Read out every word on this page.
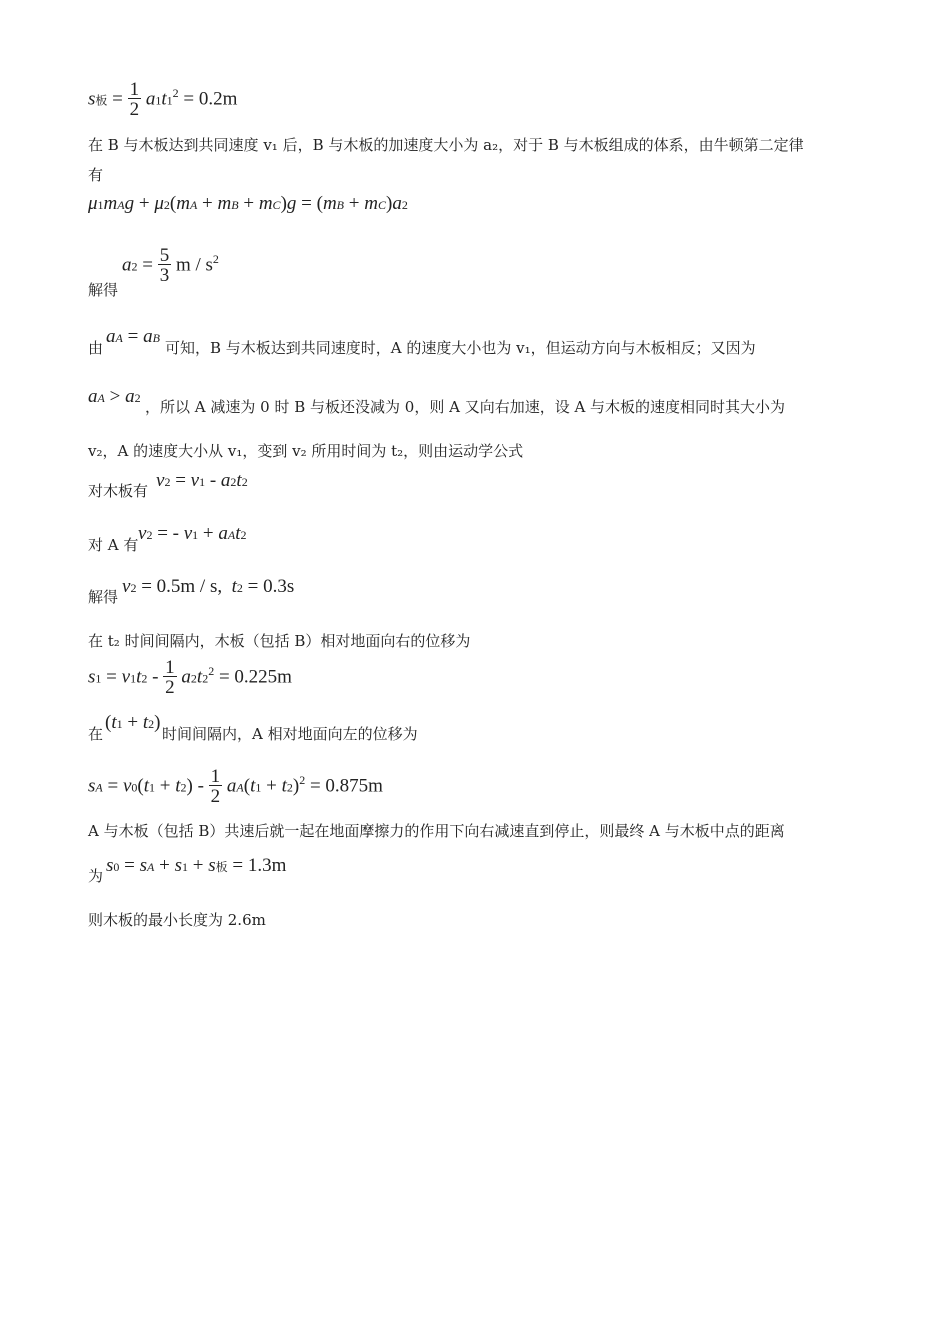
s板 = $\frac{1}{2} a1t1^2 = 0.2m$
在 B 与木板达到共同速度 v₁ 后，B 与木板的加速度大小为 a₂，对于 B 与木板组成的体系，由牛顿第二定律
有
μ1mAg + μ2(mA + mB + mC)g = (mB + mC)a2
$a2 = \frac{5}{3}$ m / $s^2$
解得
由
aA = aB
可知，B 与木板达到共同速度时，A 的速度大小也为 v₁，但运动方向与木板相反；又因为
aA > a2 ，所以 A 减速为 0 时 B 与板还没减为 0，则 A 又向右加速，设 A 与木板的速度相同时其大小为
v₂，A 的速度大小从 v₁，变到 v₂ 所用时间为 t₂，则由运动学公式
对木板有 v2 = v1 - a2t2
对 A 有
v2 = - v1 + aAt2
解得 v2 = 0.5m / s,  t2 = 0.3s
在 t₂ 时间间隔内，木板（包括 B）相对地面向右的位移为
$s1 = v1t2 - \frac{1}{2} a2t2^2 = 0.225m$
在
(t1 + t2)
时间间隔内，A 相对地面向左的位移为
sA = $v0(t1 + t2) - \frac{1}{2} aA(t1 + t2)^2 = 0.875m$
A 与木板（包括 B）共速后就一起在地面摩擦力的作用下向右减速直到停止，则最终 A 与木板中点的距离
为 s0 = sA + s1 + s板 = 1.3m
则木板的最小长度为 2.6m
